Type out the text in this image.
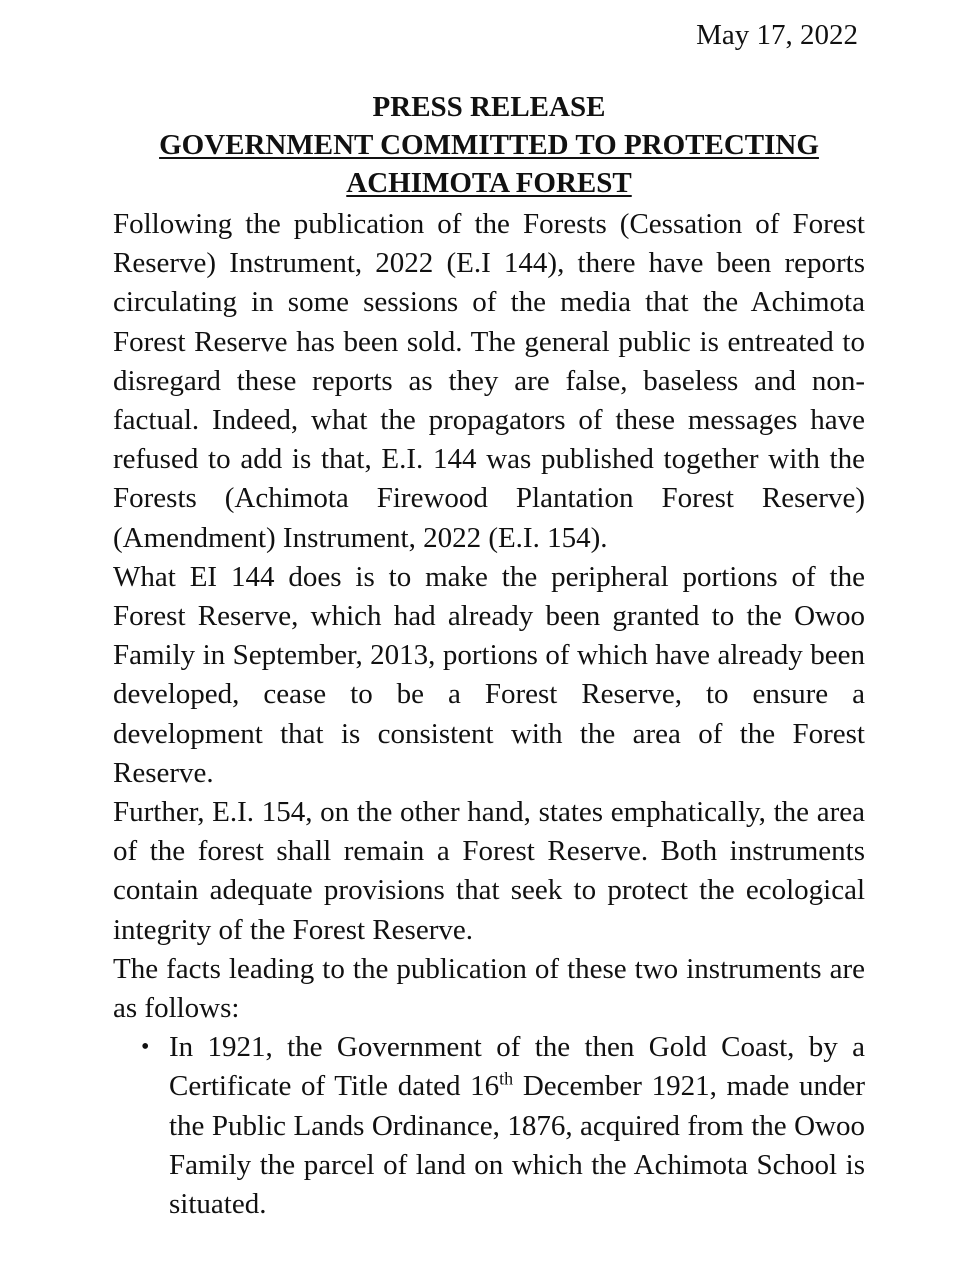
May 17, 2022
PRESS RELEASE
GOVERNMENT COMMITTED TO PROTECTING
ACHIMOTA FOREST

Following the publication of the Forests (Cessation of Forest Reserve) Instrument, 2022 (E.I 144), there have been reports circulating in some sessions of the media that the Achimota Forest Reserve has been sold. The general public is entreated to disregard these reports as they are false, baseless and non-factual. Indeed, what the propagators of these messages have refused to add is that, E.I. 144 was published together with the Forests (Achimota Firewood Plantation Forest Reserve) (Amendment) Instrument, 2022 (E.I. 154).

What EI 144 does is to make the peripheral portions of the Forest Reserve, which had already been granted to the Owoo Family in September, 2013, portions of which have already been developed, cease to be a Forest Reserve, to ensure a development that is consistent with the area of the Forest Reserve.

Further, E.I. 154, on the other hand, states emphatically, the area of the forest shall remain a Forest Reserve. Both instruments contain adequate provisions that seek to protect the ecological integrity of the Forest Reserve.

The facts leading to the publication of these two instruments are as follows:

• In 1921, the Government of the then Gold Coast, by a Certificate of Title dated 16th December 1921, made under the Public Lands Ordinance, 1876, acquired from the Owoo Family the parcel of land on which the Achimota School is situated.
